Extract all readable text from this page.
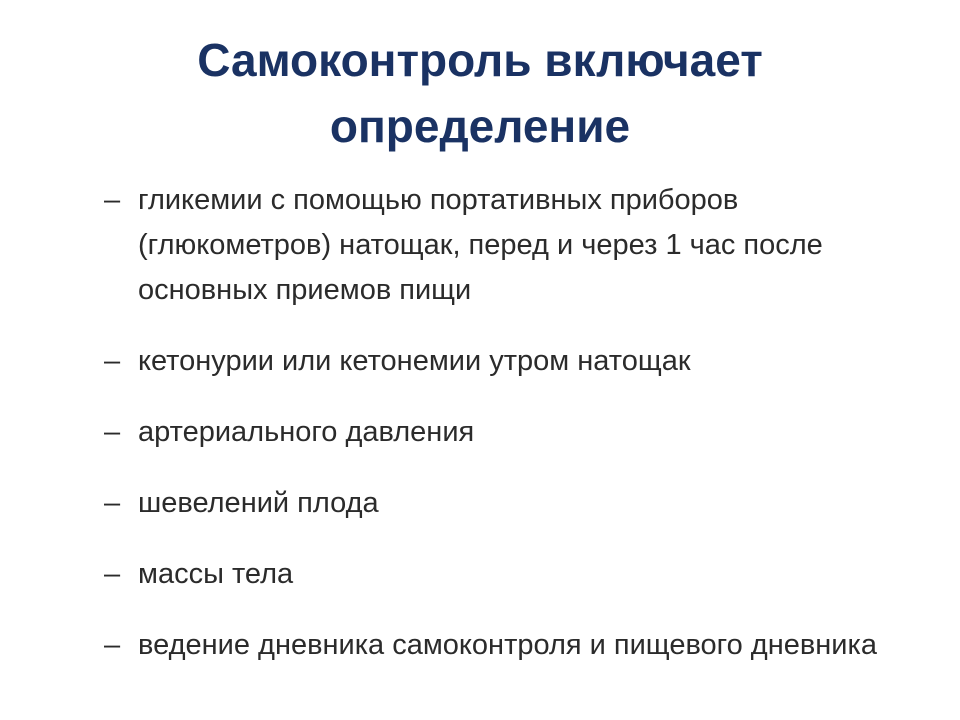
Самоконтроль включает
определение
– гликемии с помощью портативных приборов (глюкометров) натощак, перед и через 1 час после основных приемов пищи
– кетонурии или кетонемии утром натощак
– артериального давления
– шевелений плода
– массы тела
– ведение дневника самоконтроля и пищевого дневника
